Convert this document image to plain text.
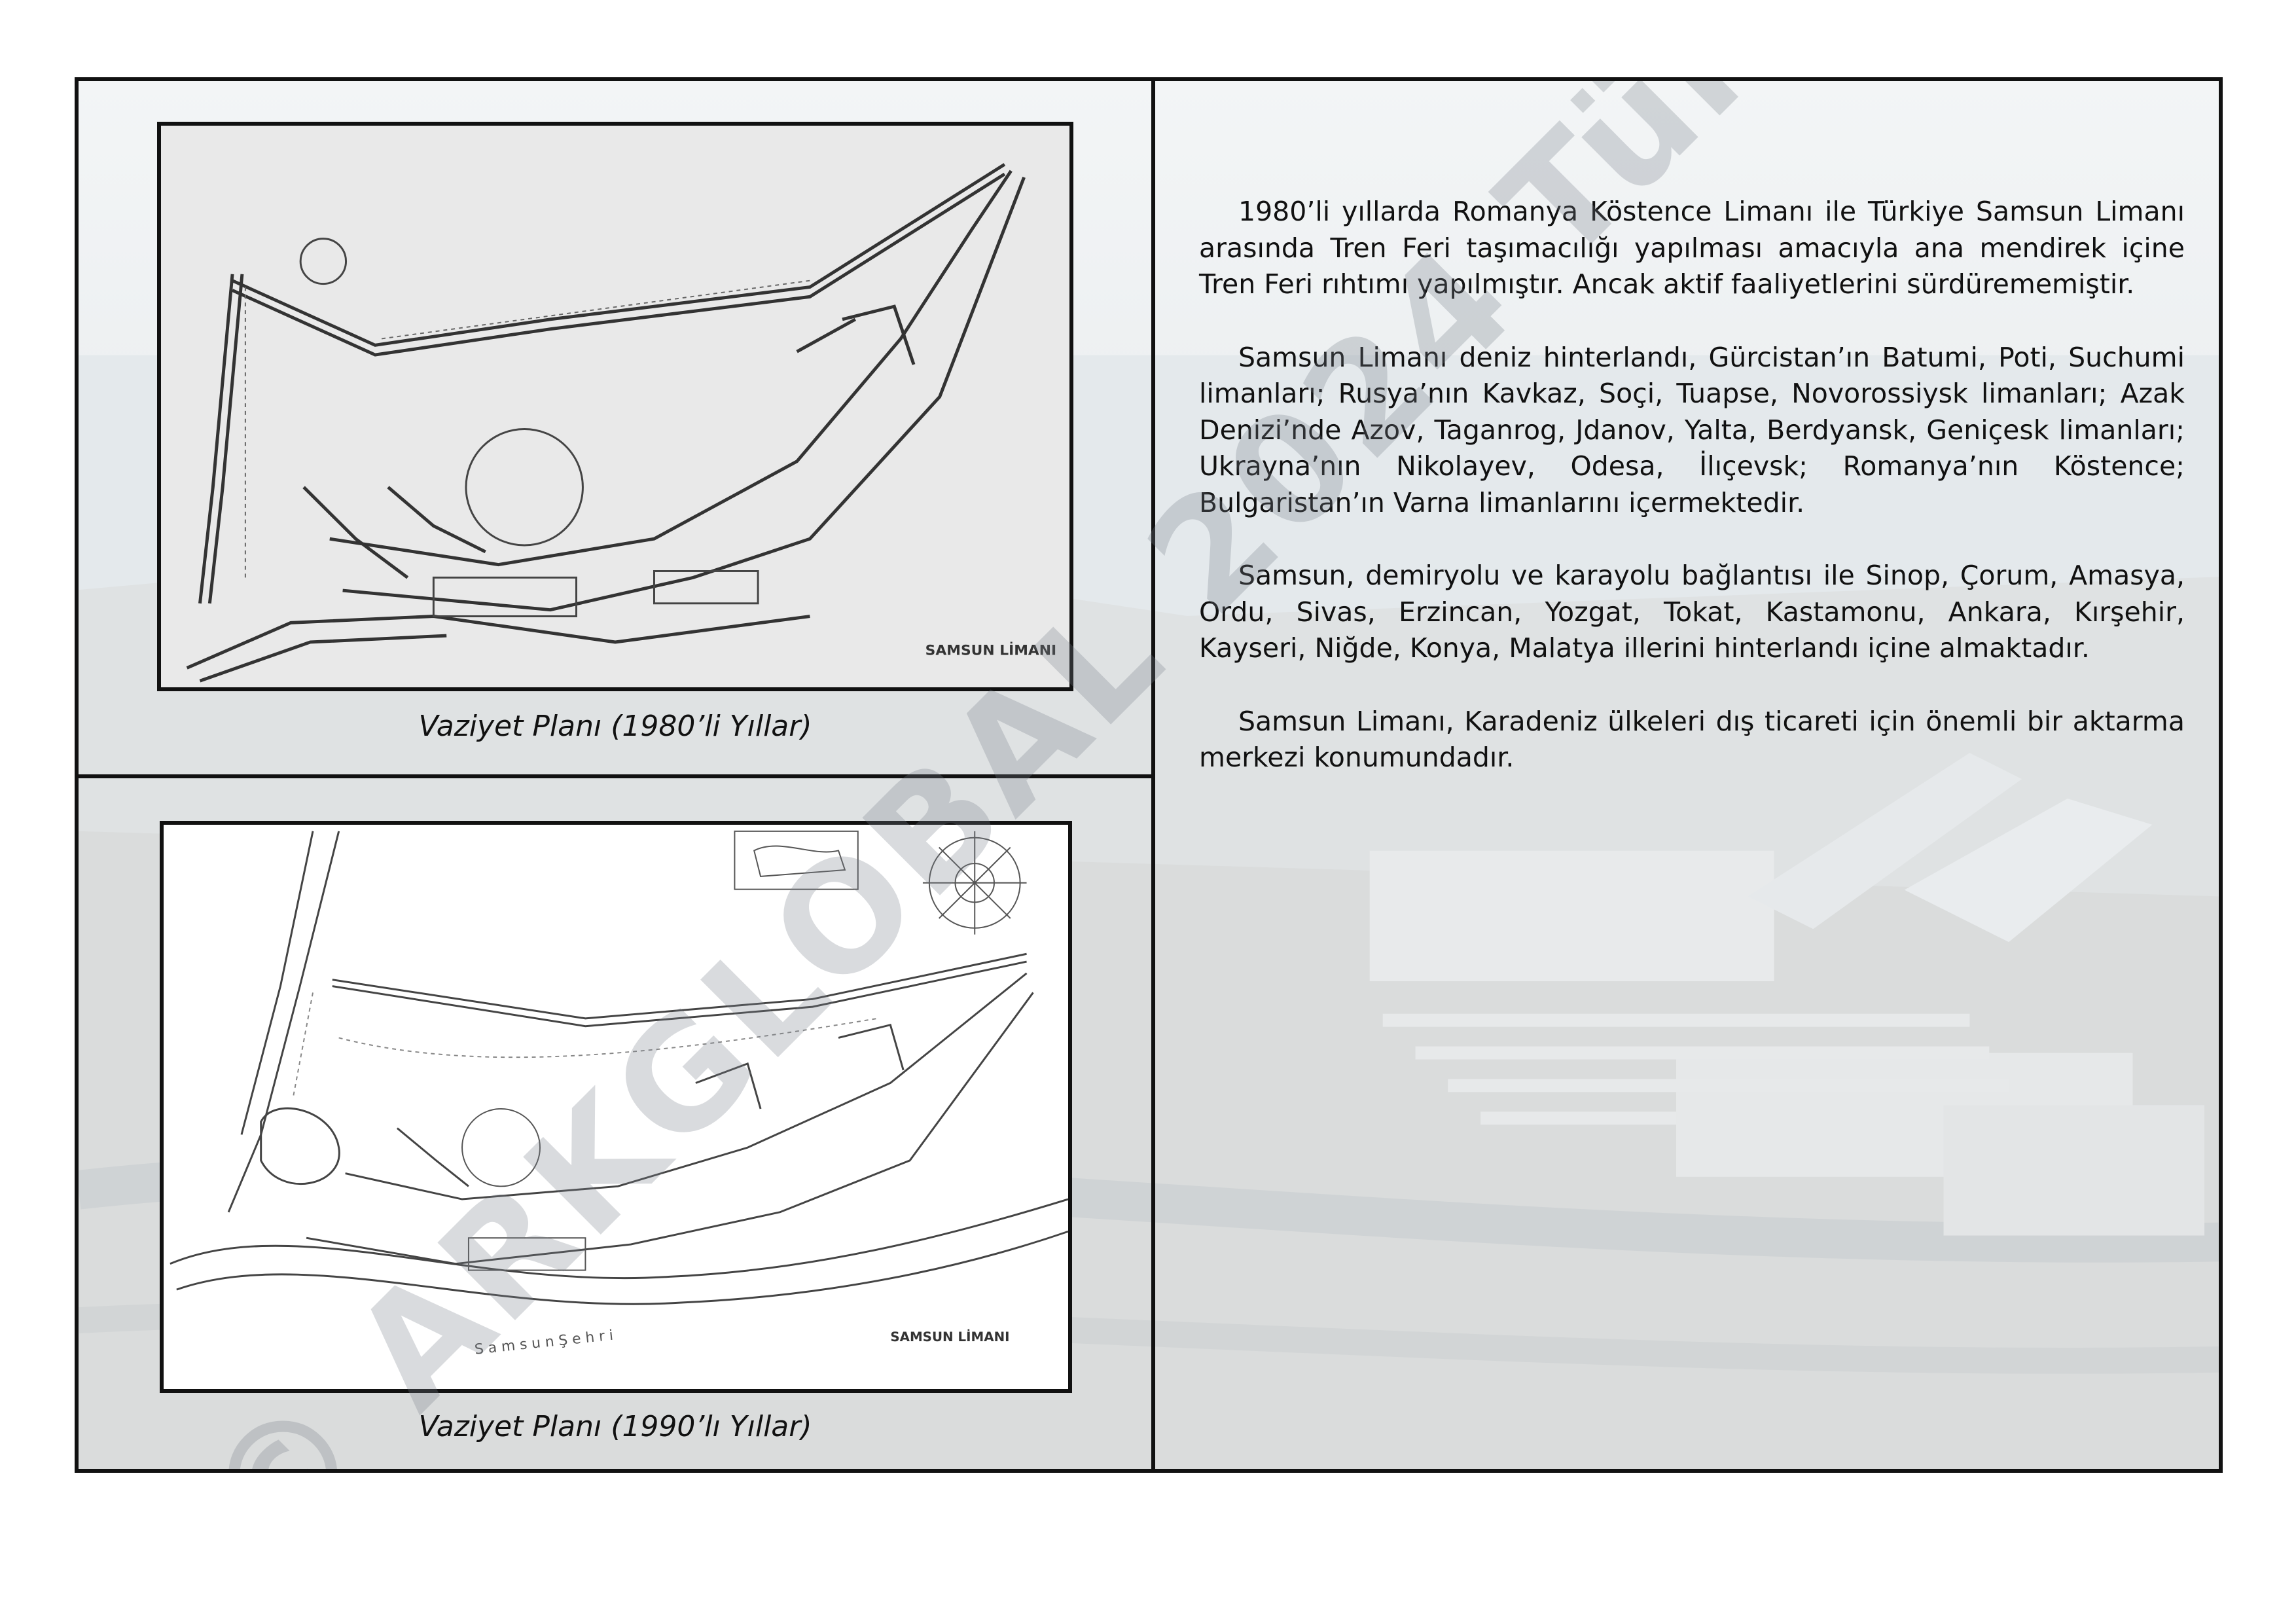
SAMSUN LİMANI
Vaziyet Planı (1980’li Yıllar)
SAMSUN LİMANI
S a m s u n Ş e h r i
Vaziyet Planı (1990’lı Yıllar)

1980’li yıllarda Romanya Köstence Limanı ile Türkiye Samsun Limanı arasında Tren Feri taşımacılığı yapılması amacıyla ana mendirek içine Tren Feri rıhtımı yapılmıştır. Ancak aktif faaliyetlerini sürdürememiştir.

Samsun Limanı deniz hinterlandı, Gürcistan’ın Batumi, Poti, Suchumi limanları; Rusya’nın Kavkaz, Soçi, Tuapse, Novorossiysk limanları; Azak Denizi’nde Azov, Taganrog, Jdanov, Yalta, Berdyansk, Geniçesk limanları; Ukrayna’nın Nikolayev, Odesa, İlıçevsk; Romanya’nın Köstence; Bulgaristan’ın Varna limanlarını içermektedir.

Samsun, demiryolu ve karayolu bağlantısı ile Sinop, Çorum, Amasya, Ordu, Sivas, Erzincan, Yozgat, Tokat, Kastamonu, Ankara, Kırşehir, Kayseri, Niğde, Konya, Malatya illerini hinterlandı içine almaktadır.

Samsun Limanı, Karadeniz ülkeleri dış ticareti için önemli bir aktarma merkezi konumundadır.

ARKGLOBAL 2024 Tüm
